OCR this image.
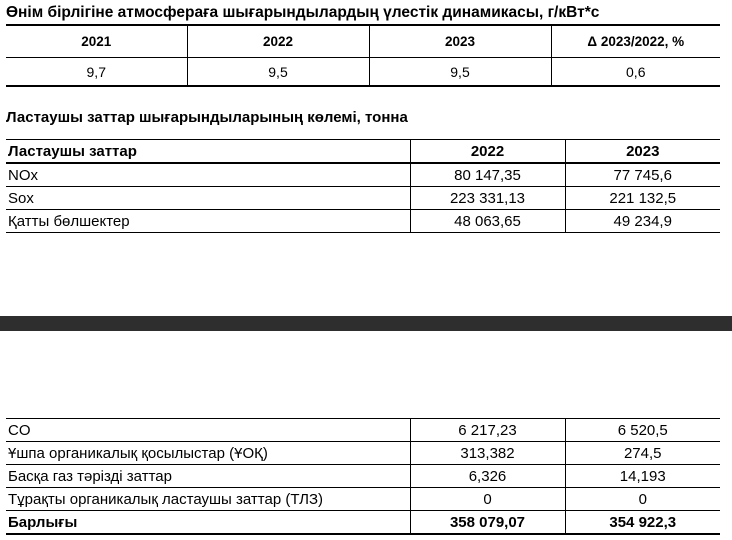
Өнім бірлігіне атмосфераға шығарындылардың үлестік динамикасы, г/кВт*с
2021	2022	2023	Δ 2023/2022, %
9,7	9,5	9,5	0,6
Ластаушы заттар шығарындыларының көлемі, тонна
Ластаушы заттар	2022	2023
NOx	80 147,35	77 745,6
Sox	223 331,13	221 132,5
Қатты бөлшектер	48 063,65	49 234,9
CO	6 217,23	6 520,5
Ұшпа органикалық қосылыстар (ҰОҚ)	313,382	274,5
Басқа газ тәрізді заттар	6,326	14,193
Тұрақты органикалық ластаушы заттар (ТЛЗ)	0	0
Барлығы	358 079,07	354 922,3
